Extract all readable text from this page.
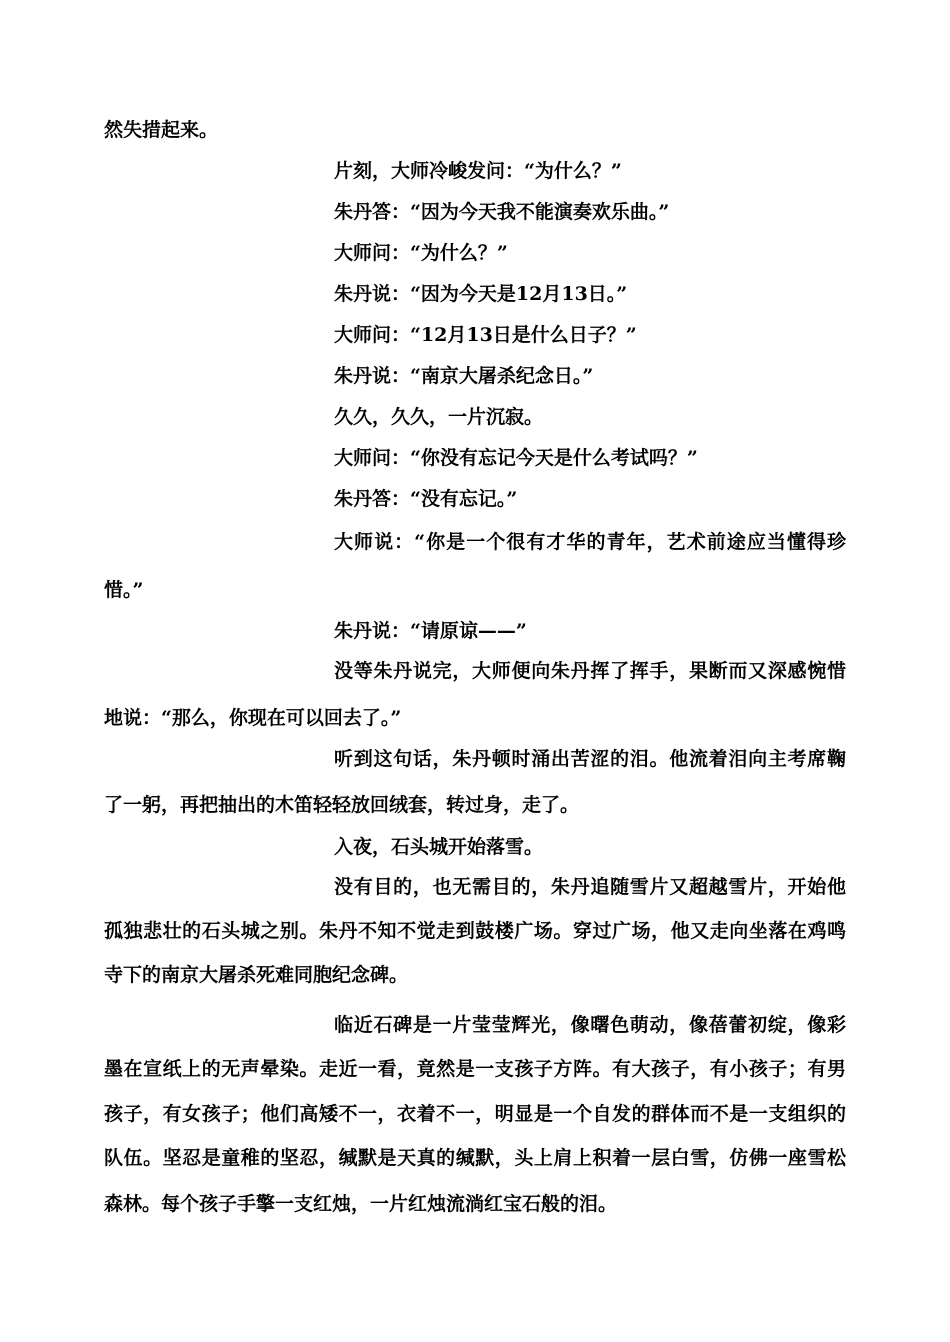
然失措起来。
片刻，大师冷峻发问：“为什么？”
朱丹答：“因为今天我不能演奏欢乐曲。”
大师问：“为什么？”
朱丹说：“因为今天是12月13日。”
大师问：“12月13日是什么日子？”
朱丹说：“南京大屠杀纪念日。”
久久，久久，一片沉寂。
大师问：“你没有忘记今天是什么考试吗？”
朱丹答：“没有忘记。”
大师说：“你是一个很有才华的青年，艺术前途应当懂得珍
惜。”
朱丹说：“请原谅——”
没等朱丹说完，大师便向朱丹挥了挥手，果断而又深感惋惜
地说：“那么，你现在可以回去了。”
听到这句话，朱丹顿时涌出苦涩的泪。他流着泪向主考席鞠
了一躬，再把抽出的木笛轻轻放回绒套，转过身，走了。
入夜，石头城开始落雪。
没有目的，也无需目的，朱丹追随雪片又超越雪片，开始他
孤独悲壮的石头城之别。朱丹不知不觉走到鼓楼广场。穿过广场，他又走向坐落在鸡鸣
寺下的南京大屠杀死难同胞纪念碑。
临近石碑是一片莹莹辉光，像曙色萌动，像蓓蕾初绽，像彩
墨在宣纸上的无声晕染。走近一看，竟然是一支孩子方阵。有大孩子，有小孩子；有男
孩子，有女孩子；他们高矮不一，衣着不一，明显是一个自发的群体而不是一支组织的
队伍。坚忍是童稚的坚忍，缄默是天真的缄默，头上肩上积着一层白雪，仿佛一座雪松
森林。每个孩子手擎一支红烛，一片红烛流淌红宝石般的泪。
